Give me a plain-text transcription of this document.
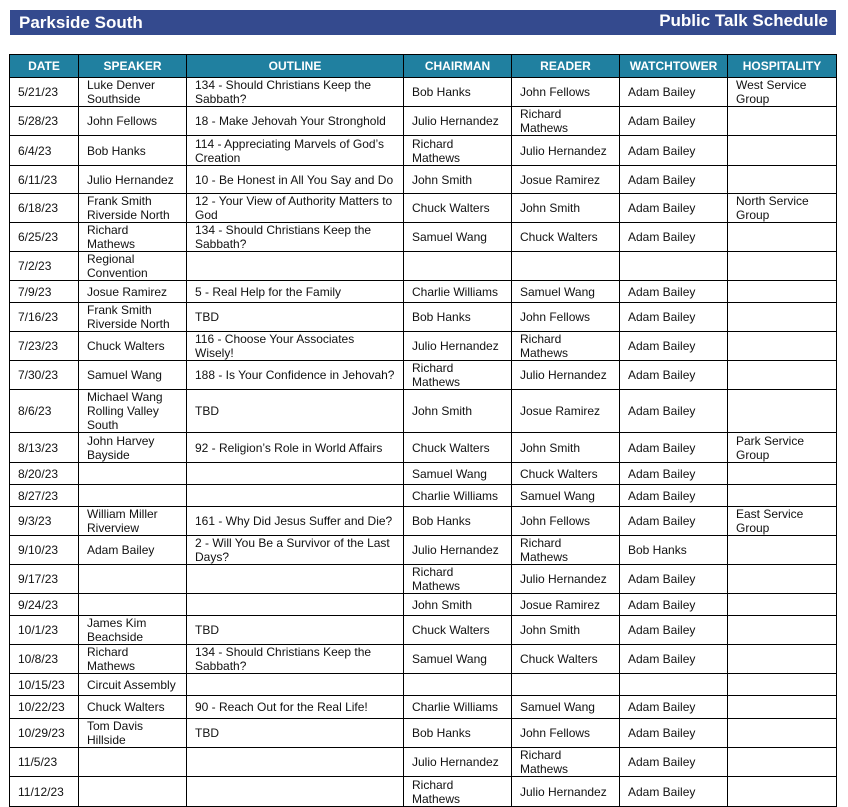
Parkside South	Public Talk Schedule
DATE	SPEAKER	OUTLINE	CHAIRMAN	READER	WATCHTOWER	HOSPITALITY
5/21/23	Luke Denver Southside	134 - Should Christians Keep the Sabbath?	Bob Hanks	John Fellows	Adam Bailey	West Service Group
5/28/23	John Fellows	18 - Make Jehovah Your Stronghold	Julio Hernandez	Richard Mathews	Adam Bailey	
6/4/23	Bob Hanks	114 - Appreciating Marvels of God’s Creation	Richard Mathews	Julio Hernandez	Adam Bailey	
6/11/23	Julio Hernandez	10 - Be Honest in All You Say and Do	John Smith	Josue Ramirez	Adam Bailey	
6/18/23	Frank Smith Riverside North	12 - Your View of Authority Matters to God	Chuck Walters	John Smith	Adam Bailey	North Service Group
6/25/23	Richard Mathews	134 - Should Christians Keep the Sabbath?	Samuel Wang	Chuck Walters	Adam Bailey	
7/2/23	Regional Convention					
7/9/23	Josue Ramirez	5 - Real Help for the Family	Charlie Williams	Samuel Wang	Adam Bailey	
7/16/23	Frank Smith Riverside North	TBD	Bob Hanks	John Fellows	Adam Bailey	
7/23/23	Chuck Walters	116 - Choose Your Associates Wisely!	Julio Hernandez	Richard Mathews	Adam Bailey	
7/30/23	Samuel Wang	188 - Is Your Confidence in Jehovah?	Richard Mathews	Julio Hernandez	Adam Bailey	
8/6/23	Michael Wang Rolling Valley South	TBD	John Smith	Josue Ramirez	Adam Bailey	
8/13/23	John Harvey Bayside	92 - Religion’s Role in World Affairs	Chuck Walters	John Smith	Adam Bailey	Park Service Group
8/20/23			Samuel Wang	Chuck Walters	Adam Bailey	
8/27/23			Charlie Williams	Samuel Wang	Adam Bailey	
9/3/23	William Miller Riverview	161 - Why Did Jesus Suffer and Die?	Bob Hanks	John Fellows	Adam Bailey	East Service Group
9/10/23	Adam Bailey	2 - Will You Be a Survivor of the Last Days?	Julio Hernandez	Richard Mathews	Bob Hanks	
9/17/23			Richard Mathews	Julio Hernandez	Adam Bailey	
9/24/23			John Smith	Josue Ramirez	Adam Bailey	
10/1/23	James Kim Beachside	TBD	Chuck Walters	John Smith	Adam Bailey	
10/8/23	Richard Mathews	134 - Should Christians Keep the Sabbath?	Samuel Wang	Chuck Walters	Adam Bailey	
10/15/23	Circuit Assembly					
10/22/23	Chuck Walters	90 - Reach Out for the Real Life!	Charlie Williams	Samuel Wang	Adam Bailey	
10/29/23	Tom Davis Hillside	TBD	Bob Hanks	John Fellows	Adam Bailey	
11/5/23			Julio Hernandez	Richard Mathews	Adam Bailey	
11/12/23			Richard Mathews	Julio Hernandez	Adam Bailey	
